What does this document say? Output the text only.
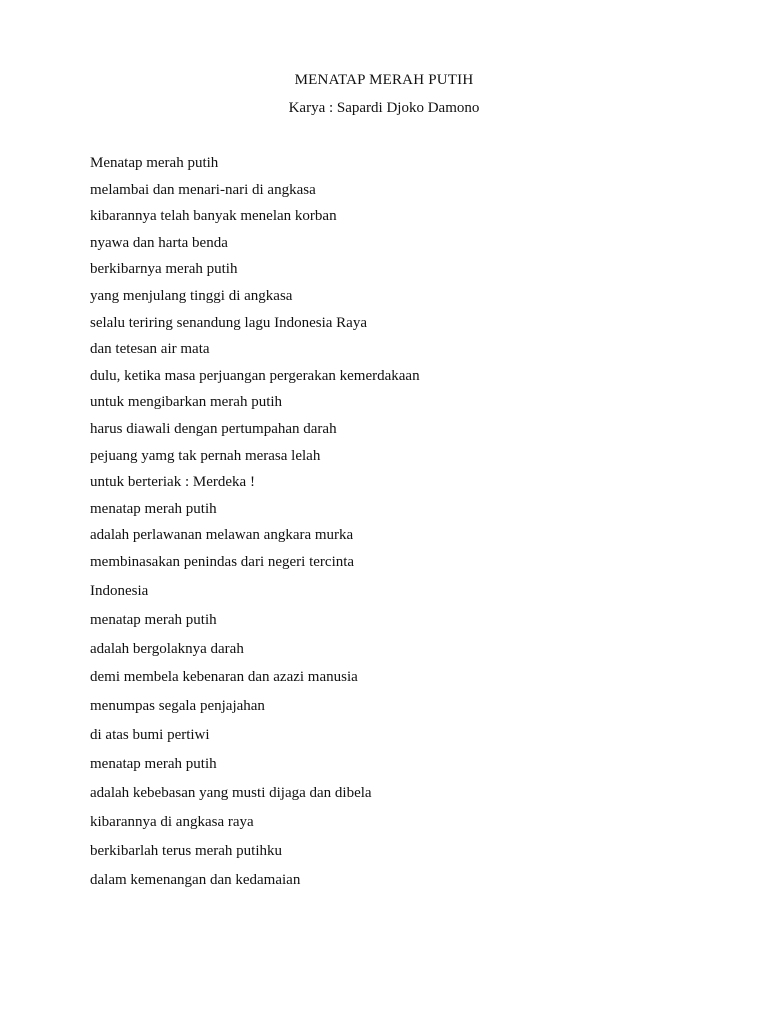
MENATAP MERAH PUTIH

Karya : Sapardi Djoko Damono

Menatap merah putih
melambai dan menari-nari di angkasa
kibarannya telah banyak menelan korban
nyawa dan harta benda
berkibarnya merah putih
yang menjulang tinggi di angkasa
selalu teriring senandung lagu Indonesia Raya
dan tetesan air mata
dulu, ketika masa perjuangan pergerakan kemerdakaan
untuk mengibarkan merah putih
harus diawali dengan pertumpahan darah
pejuang yamg tak pernah merasa lelah
untuk berteriak : Merdeka !
menatap merah putih
adalah perlawanan melawan angkara murka
membinasakan penindas dari negeri tercinta
Indonesia
menatap merah putih
adalah bergolaknya darah
demi membela kebenaran dan azazi manusia
menumpas segala penjajahan
di atas bumi pertiwi
menatap merah putih
adalah kebebasan yang musti dijaga dan dibela
kibarannya di angkasa raya
berkibarlah terus merah putihku
dalam kemenangan dan kedamaian
